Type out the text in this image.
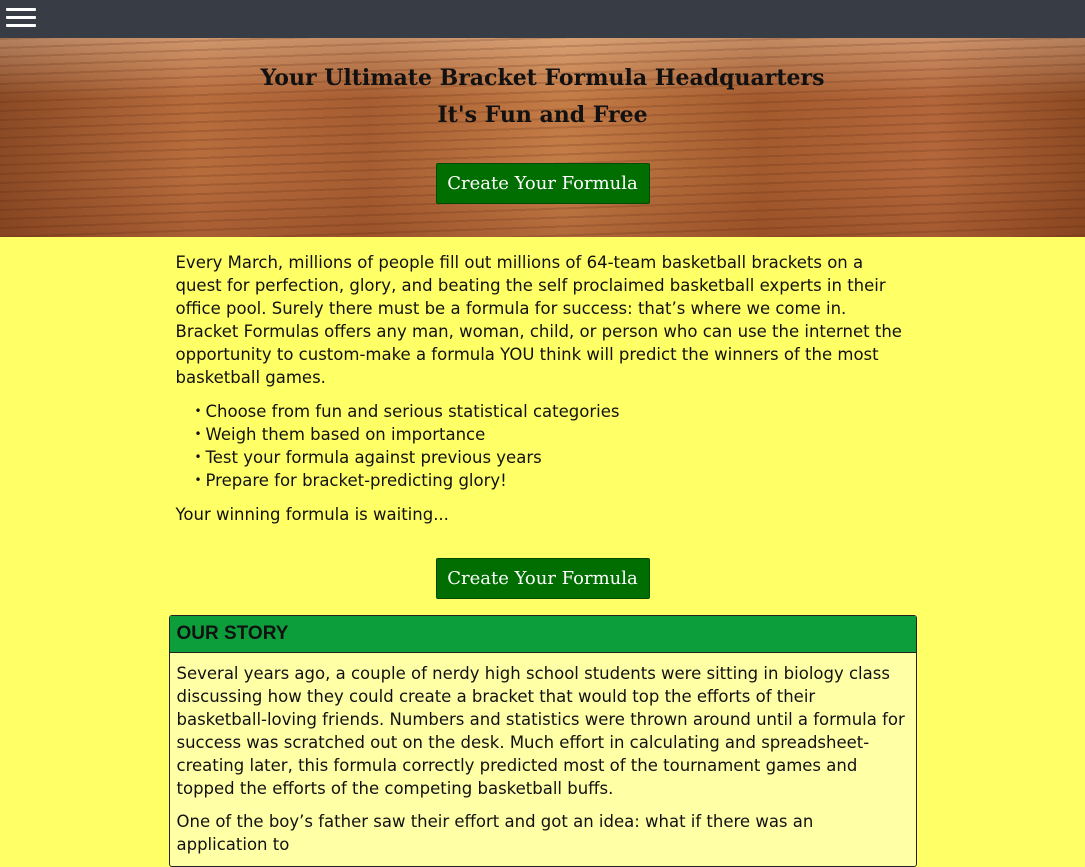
Your Ultimate Bracket Formula Headquarters
It's Fun and Free
Create Your Formula

Every March, millions of people fill out millions of 64-team basketball brackets on a quest for perfection, glory, and beating the self proclaimed basketball experts in their office pool. Surely there must be a formula for success: that’s where we come in. Bracket Formulas offers any man, woman, child, or person who can use the internet the opportunity to custom-make a formula YOU think will predict the winners of the most basketball games.

• Choose from fun and serious statistical categories
• Weigh them based on importance
• Test your formula against previous years
• Prepare for bracket-predicting glory!

Your winning formula is waiting...

Create Your Formula
OUR STORY

Several years ago, a couple of nerdy high school students were sitting in biology class discussing how they could create a bracket that would top the efforts of their basketball-loving friends. Numbers and statistics were thrown around until a formula for success was scratched out on the desk. Much effort in calculating and spreadsheet-creating later, this formula correctly predicted most of the tournament games and topped the efforts of the competing basketball buffs.

One of the boy’s father saw their effort and got an idea: what if there was an application to
